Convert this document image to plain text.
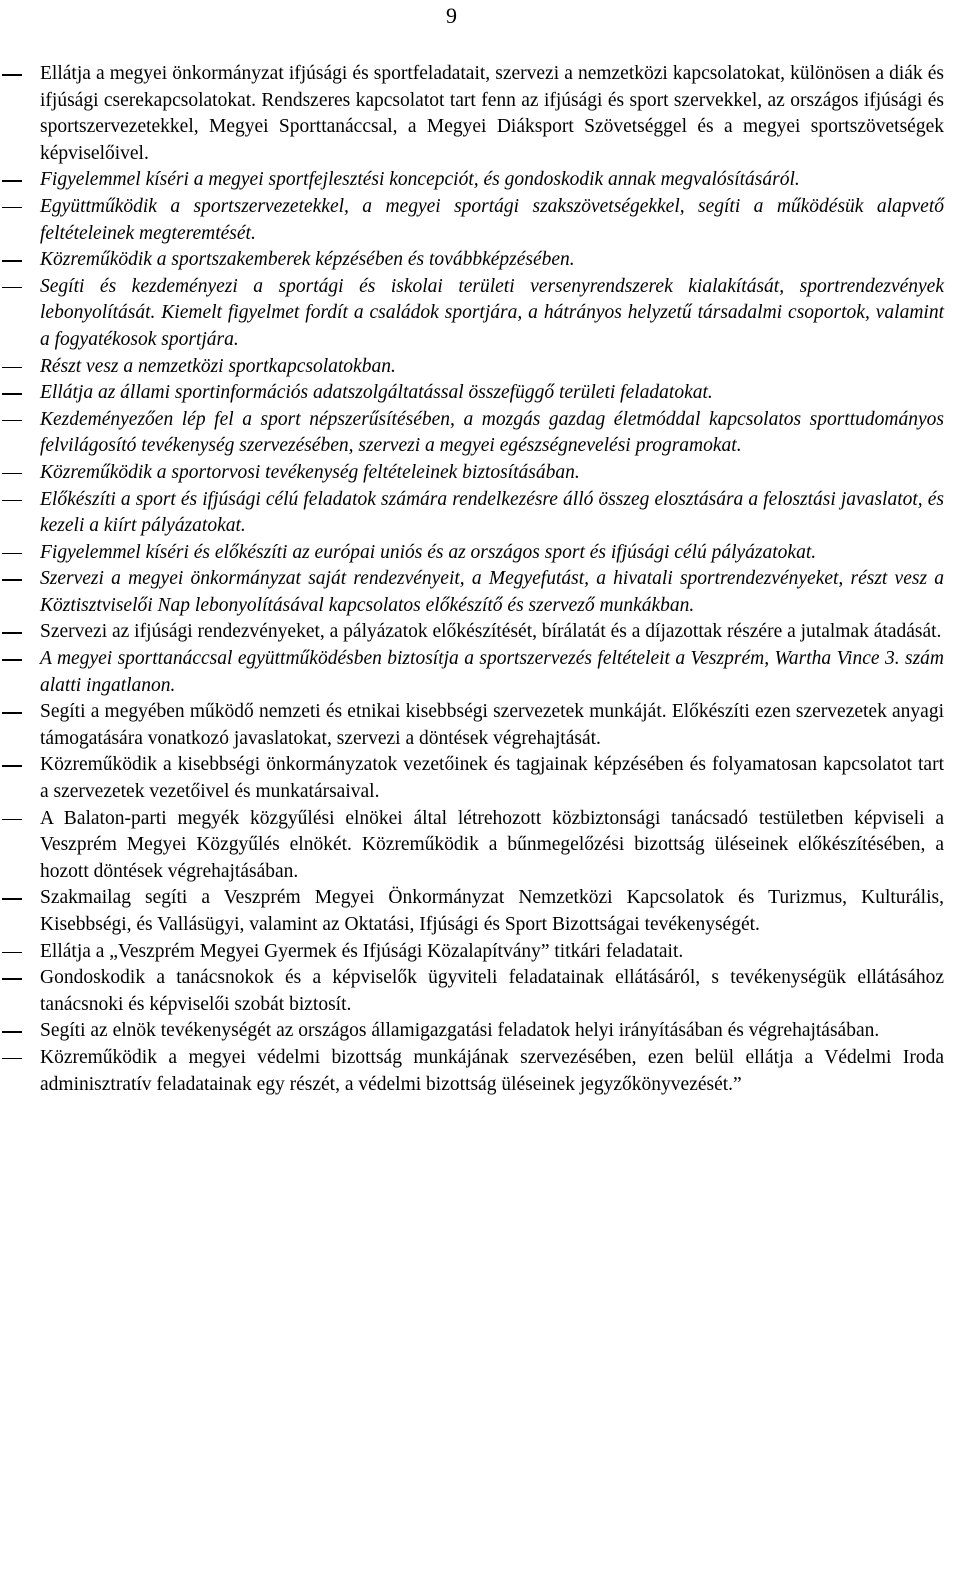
9
Ellátja a megyei önkormányzat ifjúsági és sportfeladatait, szervezi a nemzetközi kapcsolatokat, különösen a diák és ifjúsági cserekapcsolatokat. Rendszeres kapcsolatot tart fenn az ifjúsági és sport szervekkel, az országos ifjúsági és sportszervezetekkel, Megyei Sporttanáccsal, a Megyei Diáksport Szövetséggel és a megyei sportszövetségek képviselőivel.
Figyelemmel kíséri a megyei sportfejlesztési koncepciót, és gondoskodik annak megvalósításáról.
Együttműködik a sportszervezetekkel, a megyei sportági szakszövetségekkel, segíti a működésük alapvető feltételeinek megteremtését.
Közreműködik a sportszakemberek képzésében és továbbképzésében.
Segíti és kezdeményezi a sportági és iskolai területi versenyrendszerek kialakítását, sportrendezvények lebonyolítását. Kiemelt figyelmet fordít a családok sportjára, a hátrányos helyzetű társadalmi csoportok, valamint a fogyatékosok sportjára.
Részt vesz a nemzetközi sportkapcsolatokban.
Ellátja az állami sportinformációs adatszolgáltatással összefüggő területi feladatokat.
Kezdeményezően lép fel a sport népszerűsítésében, a mozgás gazdag életmóddal kapcsolatos sporttudományos felvilágosító tevékenység szervezésében, szervezi a megyei egészségnevelési programokat.
Közreműködik a sportorvosi tevékenység feltételeinek biztosításában.
Előkészíti a sport és ifjúsági célú feladatok számára rendelkezésre álló összeg elosztására a felosztási javaslatot, és kezeli a kiírt pályázatokat.
Figyelemmel kíséri és előkészíti az európai uniós és az országos sport és ifjúsági célú pályázatokat.
Szervezi a megyei önkormányzat saját rendezvényeit, a Megyefutást, a hivatali sportrendezvényeket, részt vesz a Köztisztviselői Nap lebonyolításával kapcsolatos előkészítő és szervező munkákban.
Szervezi az ifjúsági rendezvényeket, a pályázatok előkészítését, bírálatát és a díjazottak részére a jutalmak átadását.
A megyei sporttanáccsal együttműködésben biztosítja a sportszervezés feltételeit a Veszprém, Wartha Vince 3. szám alatti ingatlanon.
Segíti a megyében működő nemzeti és etnikai kisebbségi szervezetek munkáját. Előkészíti ezen szervezetek anyagi támogatására vonatkozó javaslatokat, szervezi a döntések végrehajtását.
Közreműködik a kisebbségi önkormányzatok vezetőinek és tagjainak képzésében és folyamatosan kapcsolatot tart a szervezetek vezetőivel és munkatársaival.
A Balaton-parti megyék közgyűlési elnökei által létrehozott közbiztonsági tanácsadó testületben képviseli a Veszprém Megyei Közgyűlés elnökét. Közreműködik a bűnmegelőzési bizottság üléseinek előkészítésében, a hozott döntések végrehajtásában.
Szakmailag segíti a Veszprém Megyei Önkormányzat Nemzetközi Kapcsolatok és Turizmus, Kulturális, Kisebbségi, és Vallásügyi, valamint az Oktatási, Ifjúsági és Sport Bizottságai tevékenységét.
Ellátja a „Veszprém Megyei Gyermek és Ifjúsági Közalapítvány” titkári feladatait.
Gondoskodik a tanácsnokok és a képviselők ügyviteli feladatainak ellátásáról, s tevékenységük ellátásához tanácsnoki és képviselői szobát biztosít.
Segíti az elnök tevékenységét az országos államigazgatási feladatok helyi irányításában és végrehajtásában.
Közreműködik a megyei védelmi bizottság munkájának szervezésében, ezen belül ellátja a Védelmi Iroda adminisztratív feladatainak egy részét, a védelmi bizottság üléseinek jegyzőkönyvezését.”
